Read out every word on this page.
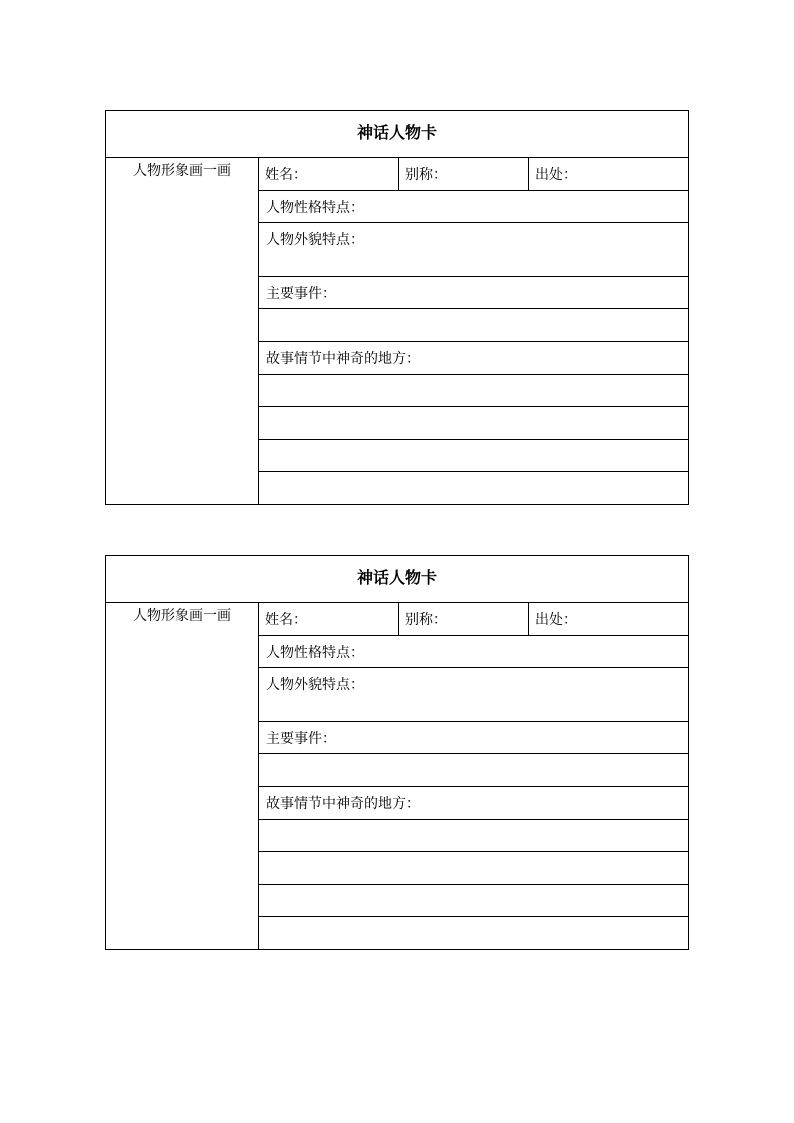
神话人物卡
人物形象画一画	姓名：	别称：	出处：
人物性格特点：
人物外貌特点：
主要事件：
故事情节中神奇的地方：
神话人物卡
人物形象画一画	姓名：	别称：	出处：
人物性格特点：
人物外貌特点：
主要事件：
故事情节中神奇的地方：
